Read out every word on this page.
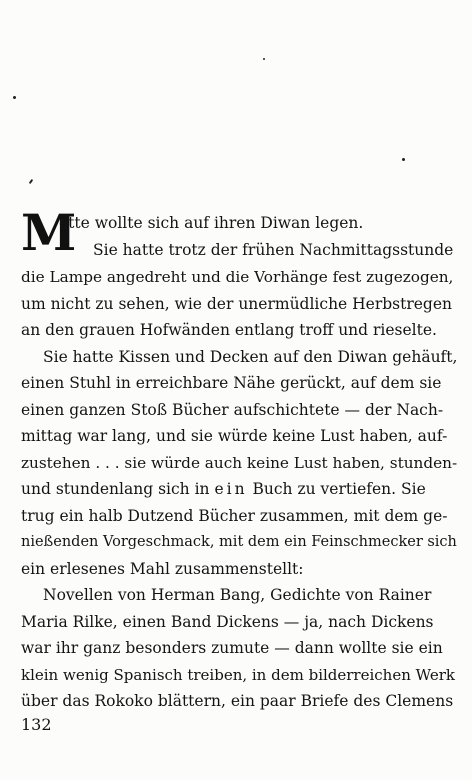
M
ette wollte sich auf ihren Diwan legen.
Sie hatte trotz der frühen Nachmittagsstunde
die Lampe angedreht und die Vorhänge fest zugezogen,
um nicht zu sehen, wie der unermüdliche Herbstregen
an den grauen Hofwänden entlang troff und rieselte.
Sie hatte Kissen und Decken auf den Diwan gehäuft,
einen Stuhl in erreichbare Nähe gerückt, auf dem sie
einen ganzen Stoß Bücher aufschichtete — der Nach-
mittag war lang, und sie würde keine Lust haben, auf-
zustehen . . . sie würde auch keine Lust haben, stunden-
und stundenlang sich in ein Buch zu vertiefen. Sie
trug ein halb Dutzend Bücher zusammen, mit dem ge-
nießenden Vorgeschmack, mit dem ein Feinschmecker sich
ein erlesenes Mahl zusammenstellt:
Novellen von Herman Bang, Gedichte von Rainer
Maria Rilke, einen Band Dickens — ja, nach Dickens
war ihr ganz besonders zumute — dann wollte sie ein
klein wenig Spanisch treiben, in dem bilderreichen Werk
über das Rokoko blättern, ein paar Briefe des Clemens
132
